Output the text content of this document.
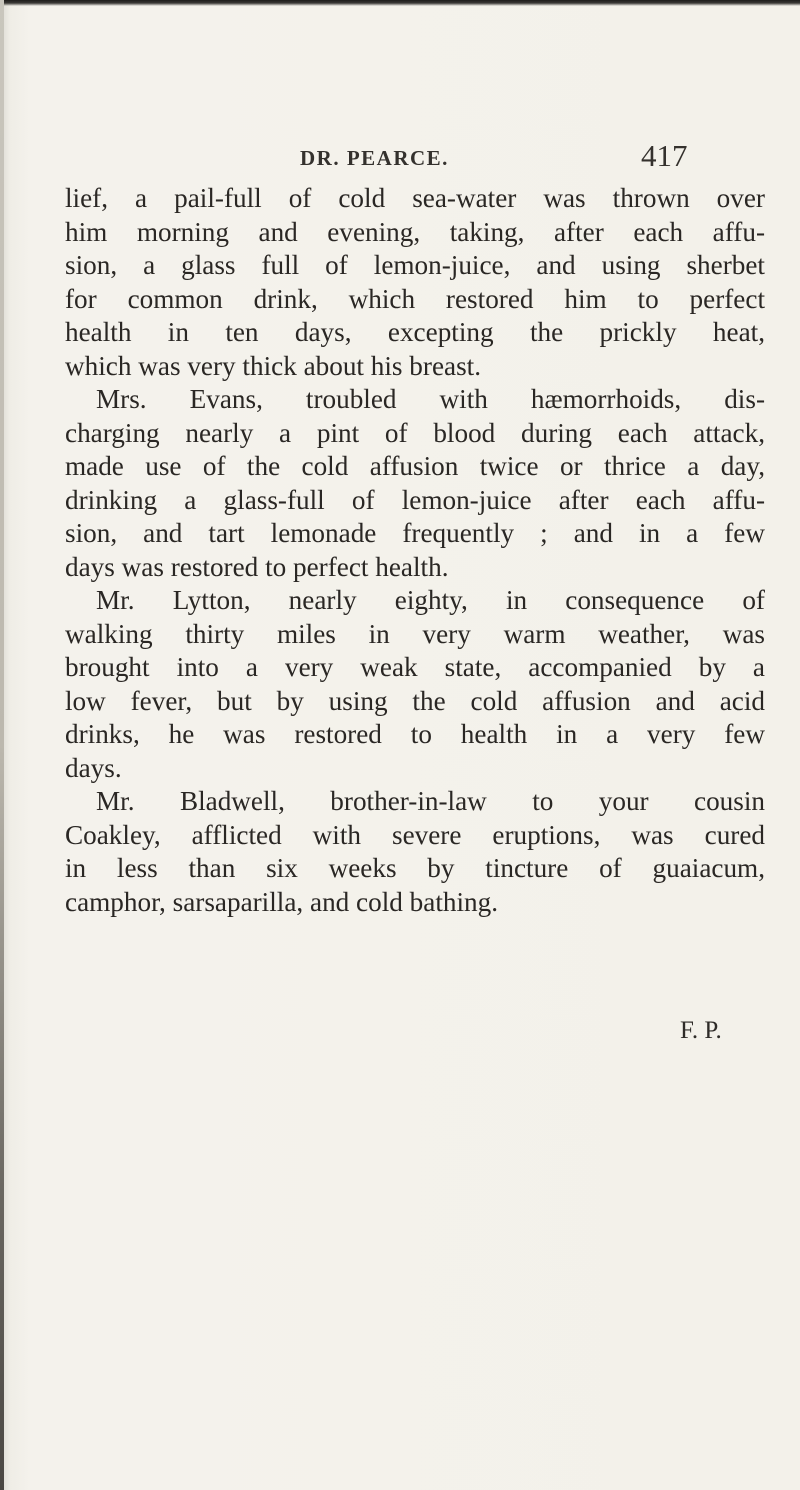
DR. PEARCE.	417
lief, a pail-full of cold sea-water was thrown over
him morning and evening, taking, after each affu-
sion, a glass full of lemon-juice, and using sherbet
for common drink, which restored him to perfect
health in ten days, excepting the prickly heat,
which was very thick about his breast.
Mrs. Evans, troubled with hæmorrhoids, dis-
charging nearly a pint of blood during each attack,
made use of the cold affusion twice or thrice a day,
drinking a glass-full of lemon-juice after each affu-
sion, and tart lemonade frequently ; and in a few
days was restored to perfect health.
Mr. Lytton, nearly eighty, in consequence of
walking thirty miles in very warm weather, was
brought into a very weak state, accompanied by a
low fever, but by using the cold affusion and acid
drinks, he was restored to health in a very few
days.
Mr. Bladwell, brother-in-law to your cousin
Coakley, afflicted with severe eruptions, was cured
in less than six weeks by tincture of guaiacum,
camphor, sarsaparilla, and cold bathing.
F. P.
